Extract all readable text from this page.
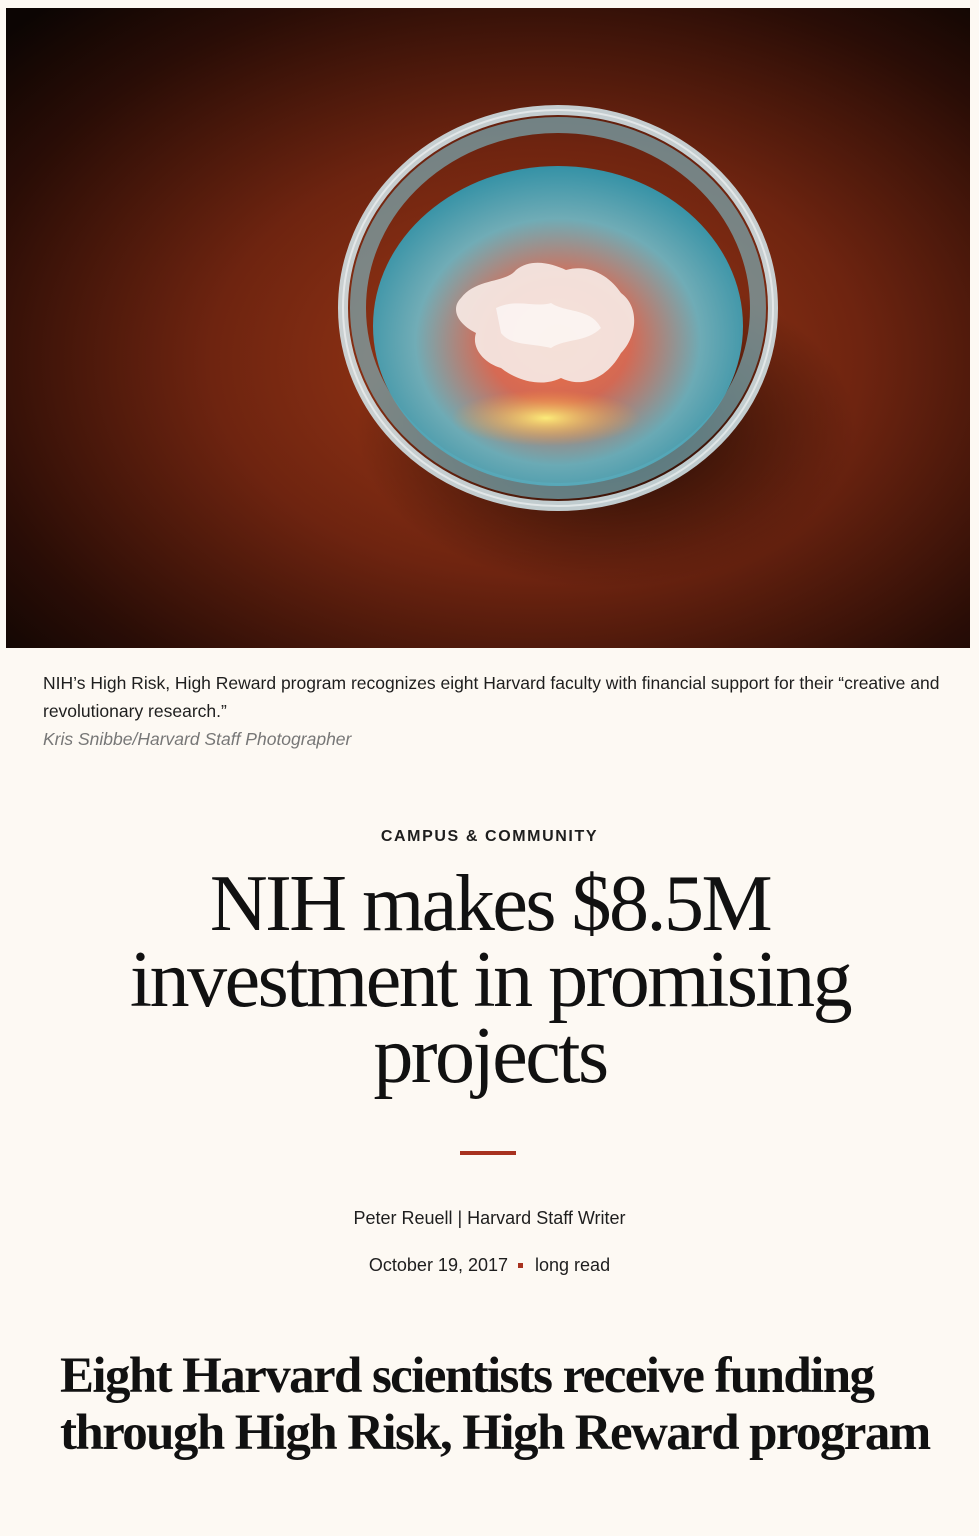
NIH’s High Risk, High Reward program recognizes eight Harvard faculty with financial support for their “creative and revolutionary research.”
Kris Snibbe/Harvard Staff Photographer
CAMPUS & COMMUNITY
NIH makes $8.5M investment in promising projects
Peter Reuell | Harvard Staff Writer
October 19, 2017 long read
Eight Harvard scientists receive funding through High Risk, High Reward program
